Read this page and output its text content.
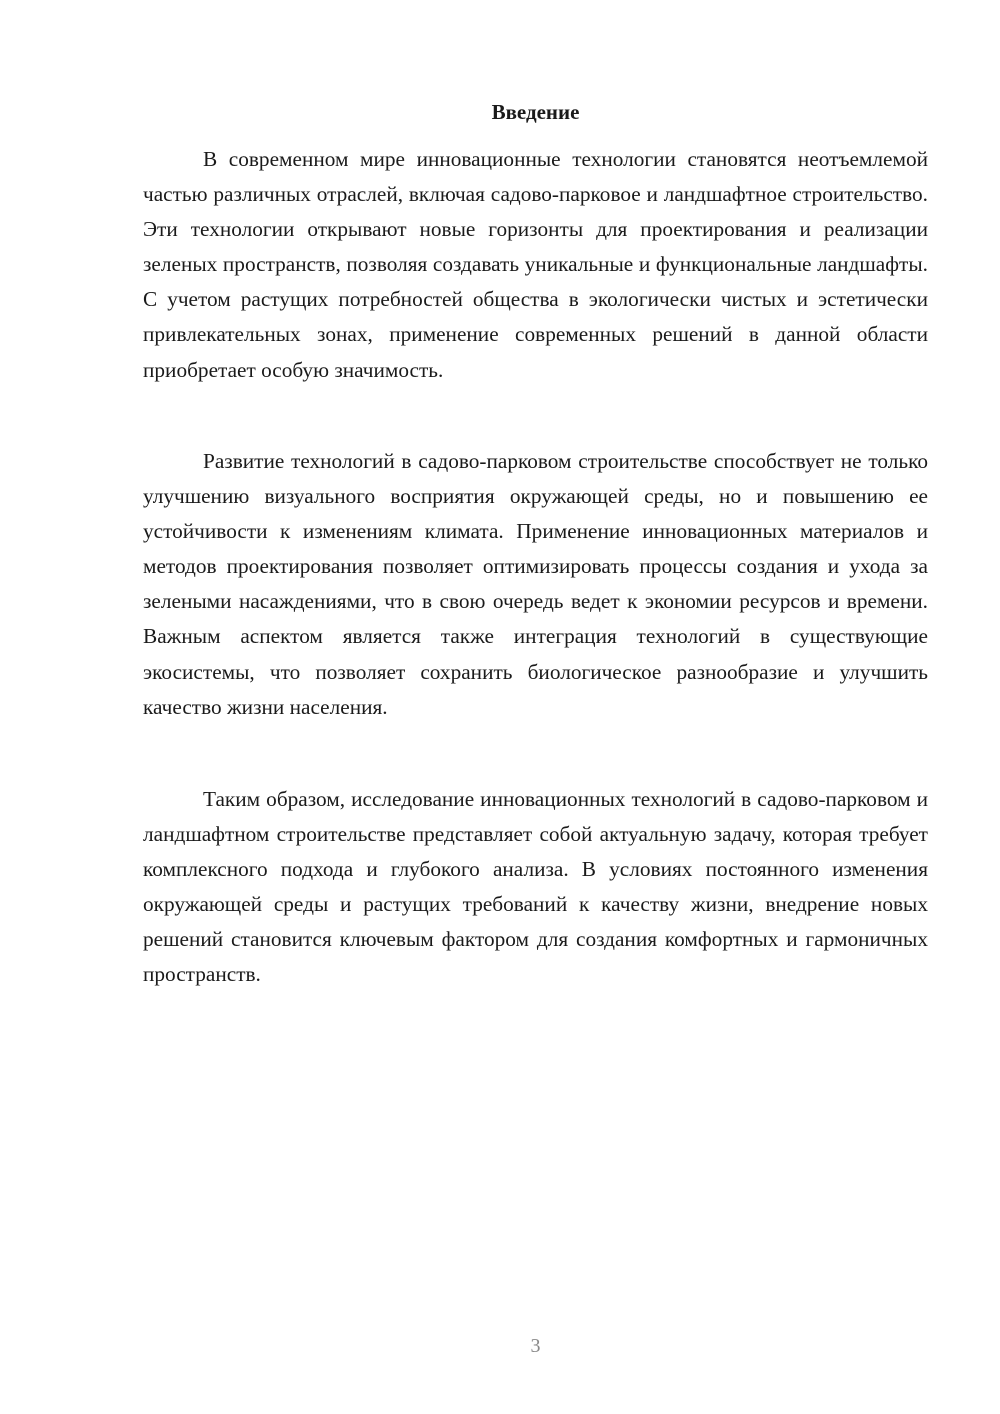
Введение

В современном мире инновационные технологии становятся неотъемлемой частью различных отраслей, включая садово-парковое и ландшафтное строительство. Эти технологии открывают новые горизонты для проектирования и реализации зеленых пространств, позволяя создавать уникальные и функциональные ландшафты. С учетом растущих потребностей общества в экологически чистых и эстетически привлекательных зонах, применение современных решений в данной области приобретает особую значимость.

Развитие технологий в садово-парковом строительстве способствует не только улучшению визуального восприятия окружающей среды, но и повышению ее устойчивости к изменениям климата. Применение инновационных материалов и методов проектирования позволяет оптимизировать процессы создания и ухода за зелеными насаждениями, что в свою очередь ведет к экономии ресурсов и времени. Важным аспектом является также интеграция технологий в существующие экосистемы, что позволяет сохранить биологическое разнообразие и улучшить качество жизни населения.

Таким образом, исследование инновационных технологий в садово-парковом и ландшафтном строительстве представляет собой актуальную задачу, которая требует комплексного подхода и глубокого анализа. В условиях постоянного изменения окружающей среды и растущих требований к качеству жизни, внедрение новых решений становится ключевым фактором для создания комфортных и гармоничных пространств.

3
